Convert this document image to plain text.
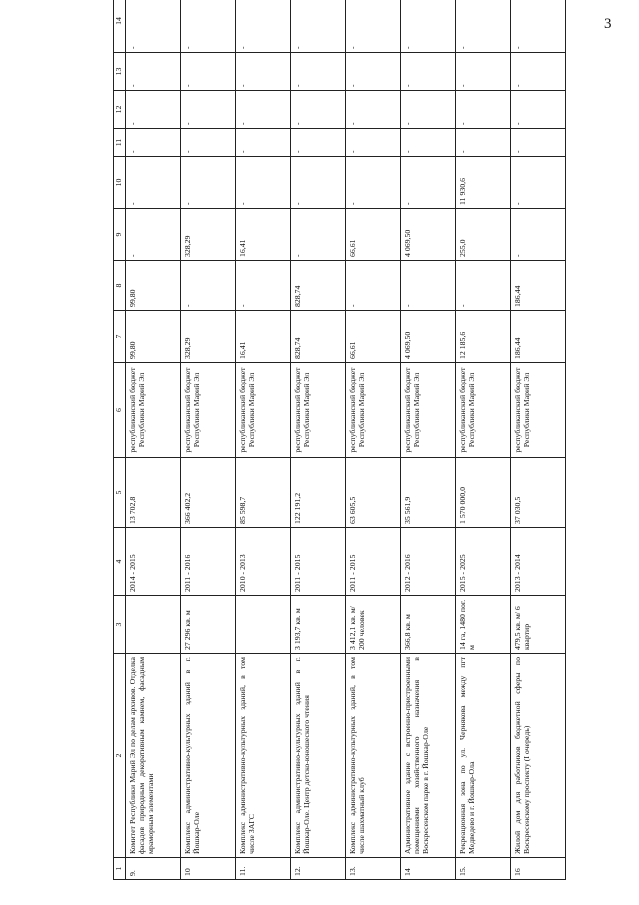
3
1	2	3	4	5	6	7	8	9	10	11	12	13	14
9.	Комитет Республики Марий Эл по делам архивов. Отделка фасадов природным декоративным камнем, фасадным мраморным элементами		2014 - 2015	13 702,8	республиканский бюджет Республики Марий Эл	99,80	99,80	-	-	-	-	-	-
10	Комплекс административно-культурных зданий в г. Йошкар-Оле	27 296 кв. м	2011 - 2016	366 402,2	республиканский бюджет Республики Марий Эл	328,29	-	328,29	-	-	-	-	-
11.	Комплекс административно-культурных зданий, в том числе ЗАГС		2010 - 2013	85 598,7	республиканский бюджет Республики Марий Эл	16,41	-	16,41	-	-	-	-	-
12.	Комплекс административно-культурных зданий в г. Йошкар-Оле. Центр детско-юношеского чтения	3 193,7 кв. м	2011 - 2015	122 191,2	республиканский бюджет Республики Марий Эл	828,74	828,74	-	-	-	-	-	-
13.	Комплекс административно-культурных зданий, в том числе шахматный клуб	3 412,1 кв. м/ 200 человек	2011 - 2015	63 605,5	республиканский бюджет Республики Марий Эл	66,61	-	66,61	-	-	-	-	-
14	Административное здание с встроенно-пристроенными помещениями хозяйственного назначения в Воскресенском парке в г. Йошкар-Оле	366,8 кв. м	2012 - 2016	35 561,9	республиканский бюджет Республики Марий Эл	4 069,50	-	4 069,50	-	-	-	-	-
15.	Рекреационная зона по ул. Чернякова между пгт Медведево и г. Йошкар-Ола	14 га, 1480 пог. м	2015 - 2025	1 570 000,0	республиканский бюджет Республики Марий Эл	12 185,6	-	255,0	11 930,6	-	-	-	-
16	Жилой дом для работников бюджетной сферы по Воскресенскому проспекту (I очередь)	479,5 кв. м/ 6 квартир	2013 - 2014	37 030,5	республиканский бюджет Республики Марий Эл	186,44	186,44	-	-	-	-	-	-
